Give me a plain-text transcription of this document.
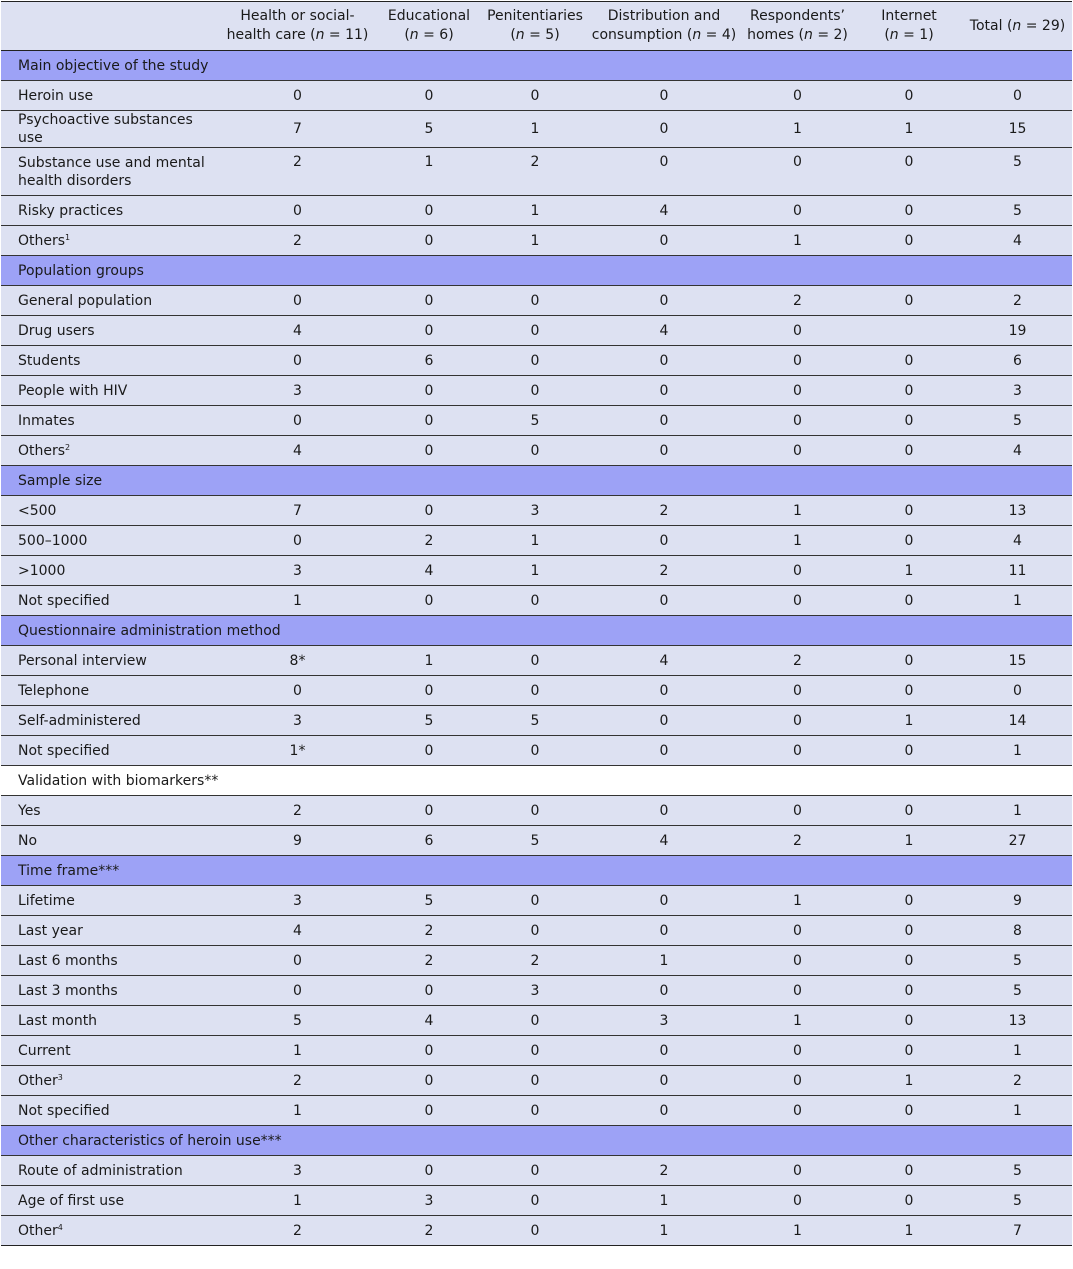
	Health or social-
health care (n = 11)	Educational
(n = 6)	Penitentiaries
(n = 5)	Distribution and
consumption (n = 4)	Respondents’
homes (n = 2)	Internet
(n = 1)	Total (n = 29)
Main objective of the study							
Heroin use	0	0	0	0	0	0	0
Psychoactive substances use	7	5	1	0	1	1	15
Substance use and mental
health disorders	2	1	2	0	0	0	5
Risky practices	0	0	1	4	0	0	5
Others$^1$	2	0	1	0	1	0	4
Population groups							
General population	0	0	0	0	2	0	2
Drug users	4	0	0	4	0		19
Students	0	6	0	0	0	0	6
People with HIV	3	0	0	0	0	0	3
Inmates	0	0	5	0	0	0	5
Others$^2$	4	0	0	0	0	0	4
Sample size							
<500	7	0	3	2	1	0	13
500–1000	0	2	1	0	1	0	4
>1000	3	4	1	2	0	1	11
Not specified	1	0	0	0	0	0	1
Questionnaire administration method							
Personal interview	8*	1	0	4	2	0	15
Telephone	0	0	0	0	0	0	0
Self-administered	3	5	5	0	0	1	14
Not specified	1*	0	0	0	0	0	1
Validation with biomarkers**							
Yes	2	0	0	0	0	0	1
No	9	6	5	4	2	1	27
Time frame***							
Lifetime	3	5	0	0	1	0	9
Last year	4	2	0	0	0	0	8
Last 6 months	0	2	2	1	0	0	5
Last 3 months	0	0	3	0	0	0	5
Last month	5	4	0	3	1	0	13
Current	1	0	0	0	0	0	1
Other$^3$	2	0	0	0	0	1	2
Not specified	1	0	0	0	0	0	1
Other characteristics of heroin use***							
Route of administration	3	0	0	2	0	0	5
Age of first use	1	3	0	1	0	0	5
Other$^4$	2	2	0	1	1	1	7
